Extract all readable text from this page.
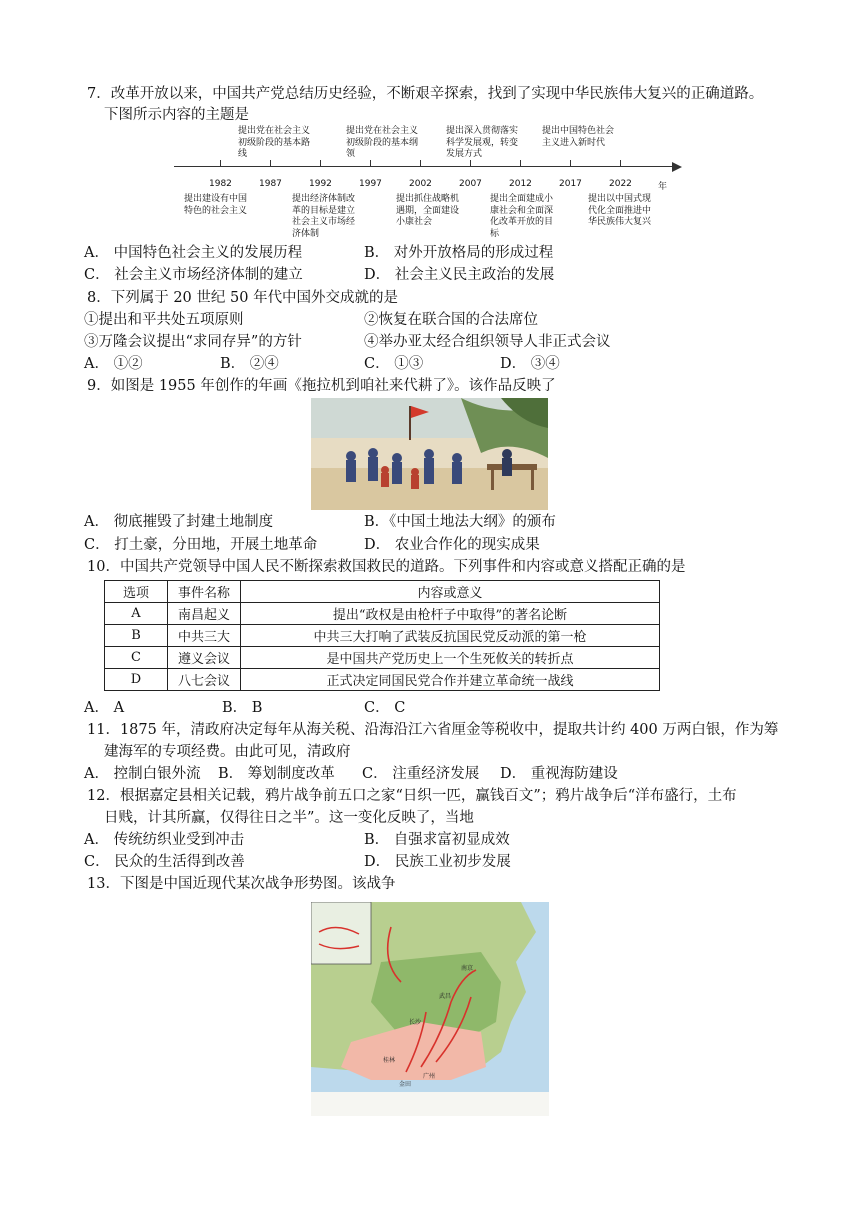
7．改革开放以来，中国共产党总结历史经验，不断艰辛探索，找到了实现中华民族伟大复兴的正确道路。
下图所示内容的主题是
年
1982	1987	1992	1997	2002	2007	2012	2017	2022
提出党在社会主义初级阶段的基本路线
提出党在社会主义初级阶段的基本纲领
提出深入贯彻落实科学发展观，转变发展方式
提出中国特色社会主义进入新时代
提出建设有中国特色的社会主义
提出经济体制改革的目标是建立社会主义市场经济体制
提出抓住战略机遇期，全面建设小康社会
提出全面建成小康社会和全面深化改革开放的目标
提出以中国式现代化全面推进中华民族伟大复兴
A． 中国特色社会主义的发展历程	B． 对外开放格局的形成过程
C． 社会主义市场经济体制的建立	D． 社会主义民主政治的发展
8．下列属于 20 世纪 50 年代中国外交成就的是
①提出和平共处五项原则	②恢复在联合国的合法席位
③万隆会议提出“求同存异”的方针	④举办亚太经合组织领导人非正式会议
A． ①②	B． ②④	C． ①③	D． ③④
9．如图是 1955 年创作的年画《拖拉机到咱社来代耕了》。该作品反映了
A． 彻底摧毁了封建土地制度	B．《中国土地法大纲》的颁布
C． 打土豪，分田地，开展土地革命	D． 农业合作化的现实成果
10．中国共产党领导中国人民不断探索救国救民的道路。下列事件和内容或意义搭配正确的是
选项	事件名称	内容或意义
A	南昌起义	提出“政权是由枪杆子中取得”的著名论断
B	中共三大	中共三大打响了武装反抗国民党反动派的第一枪
C	遵义会议	是中国共产党历史上一个生死攸关的转折点
D	八七会议	正式决定同国民党合作并建立革命统一战线
A． A	B． B	C． C
11．1875 年，清政府决定每年从海关税、沿海沿江六省厘金等税收中，提取共计约 400 万两白银，作为筹
建海军的专项经费。由此可见，清政府
A． 控制白银外流 B． 筹划制度改革 C． 注重经济发展 D． 重视海防建设
12．根据嘉定县相关记载，鸦片战争前五口之家“日织一匹，赢钱百文”；鸦片战争后“洋布盛行，土布
日贱，计其所赢，仅得往日之半”。这一变化反映了，当地
A． 传统纺织业受到冲击	B． 自强求富初显成效
C． 民众的生活得到改善	D． 民族工业初步发展
13．下图是中国近现代某次战争形势图。该战争
南京
长沙
武昌
广州
桂林
金田
